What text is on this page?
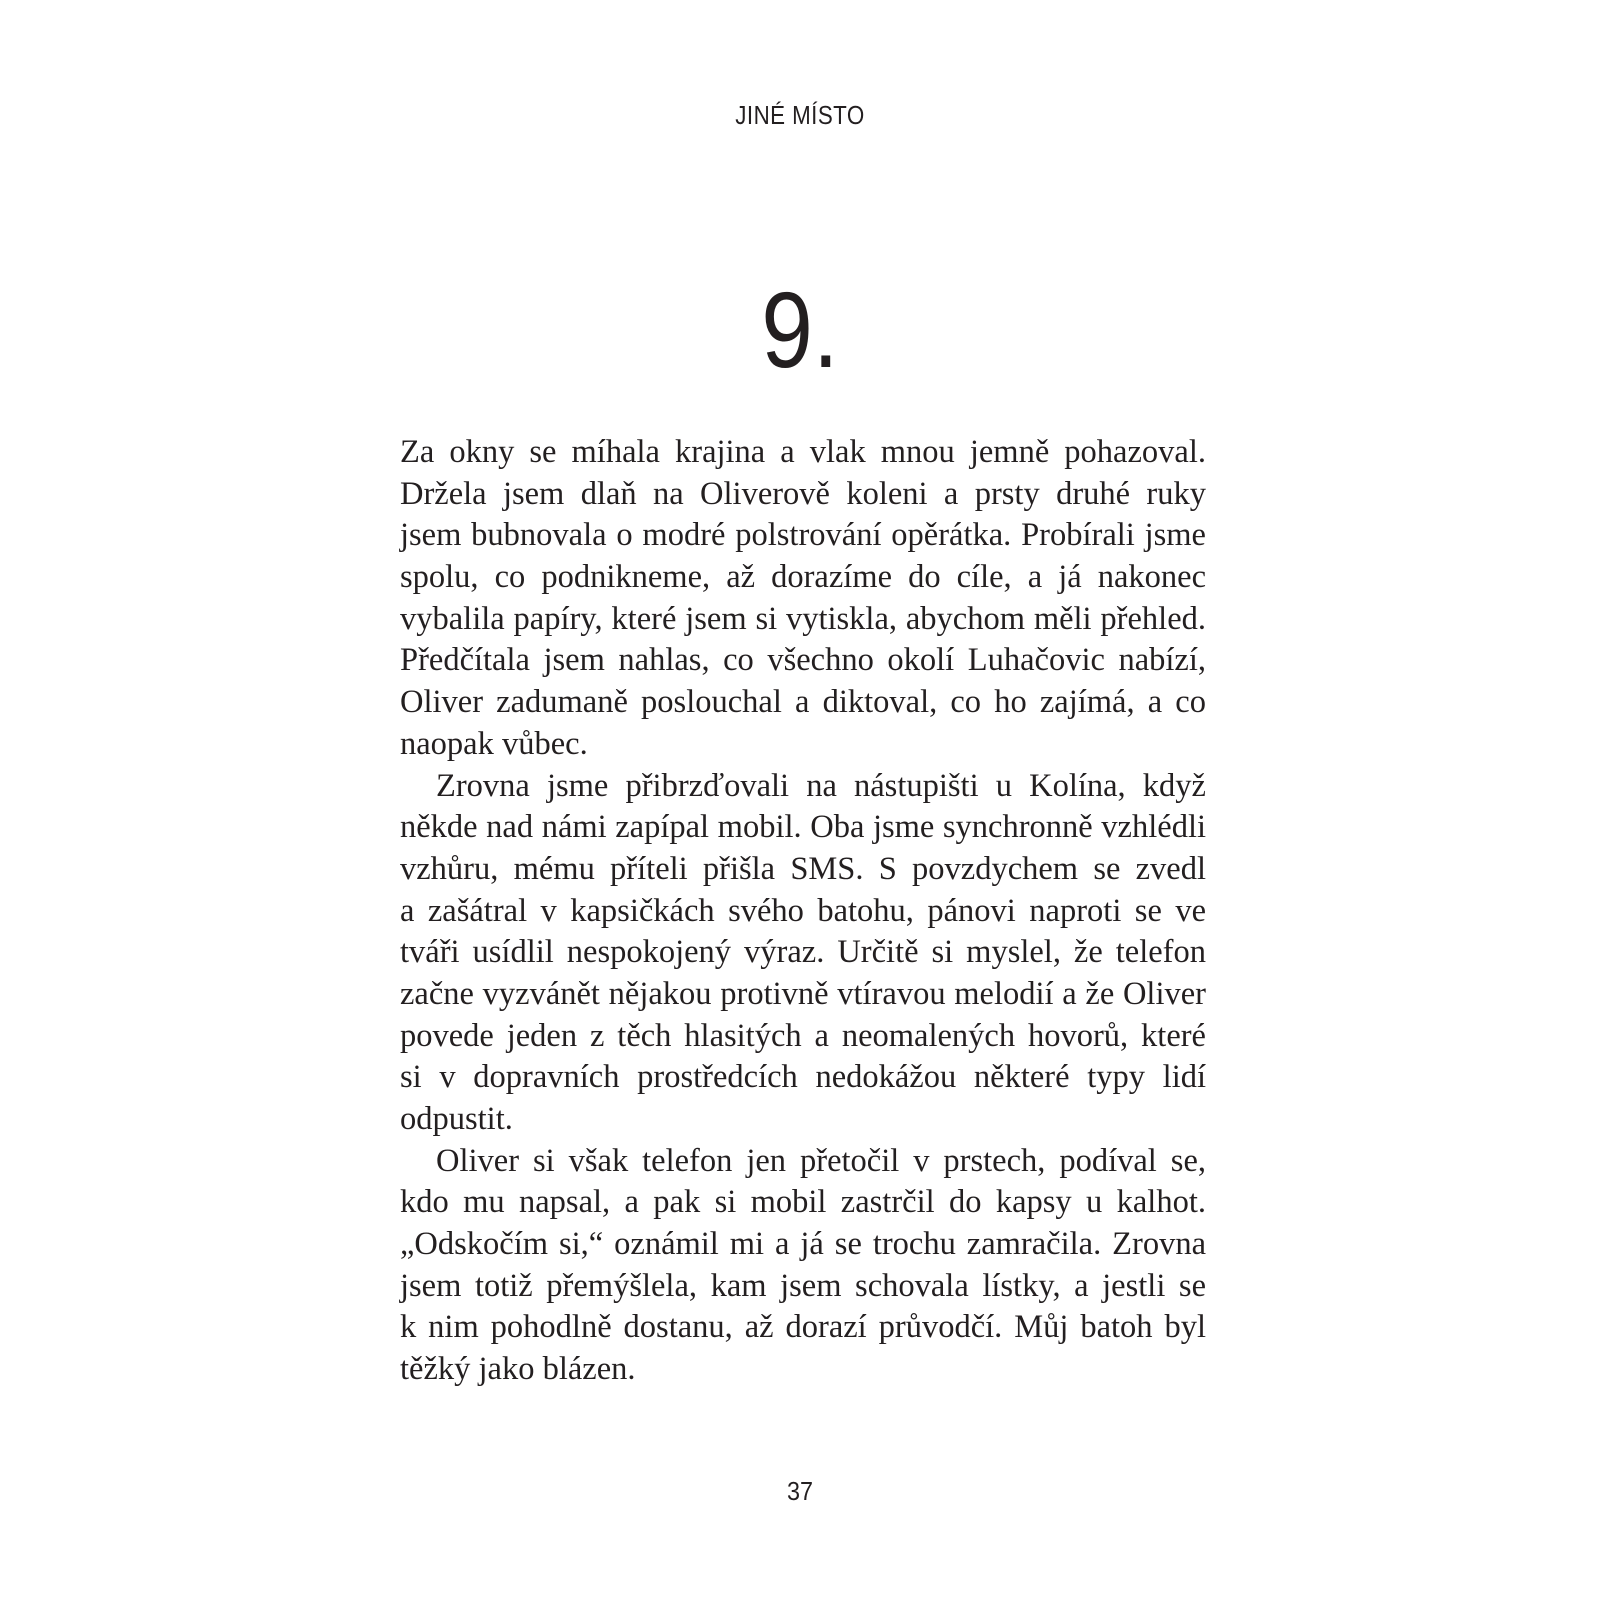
JINÉ MÍSTO
9.
Za okny se míhala krajina a vlak mnou jemně pohazoval.
Držela jsem dlaň na Oliverově koleni a prsty druhé ruky
jsem bubnovala o modré polstrování opěrátka. Probírali jsme
spolu, co podnikneme, až dorazíme do cíle, a já nakonec
vybalila papíry, které jsem si vytiskla, abychom měli přehled.
Předčítala jsem nahlas, co všechno okolí Luhačovic nabízí,
Oliver zadumaně poslouchal a diktoval, co ho zajímá, a co
naopak vůbec.
Zrovna jsme přibrzďovali na nástupišti u Kolína, když
někde nad námi zapípal mobil. Oba jsme synchronně vzhlédli
vzhůru, mému příteli přišla SMS. S povzdychem se zvedl
a zašátral v kapsičkách svého batohu, pánovi naproti se ve
tváři usídlil nespokojený výraz. Určitě si myslel, že telefon
začne vyzvánět nějakou protivně vtíravou melodií a že Oliver
povede jeden z těch hlasitých a neomalených hovorů, které
si v dopravních prostředcích nedokážou některé typy lidí
odpustit.
Oliver si však telefon jen přetočil v prstech, podíval se,
kdo mu napsal, a pak si mobil zastrčil do kapsy u kalhot.
„Odskočím si,“ oznámil mi a já se trochu zamračila. Zrovna
jsem totiž přemýšlela, kam jsem schovala lístky, a jestli se
k nim pohodlně dostanu, až dorazí průvodčí. Můj batoh byl
těžký jako blázen.
37
